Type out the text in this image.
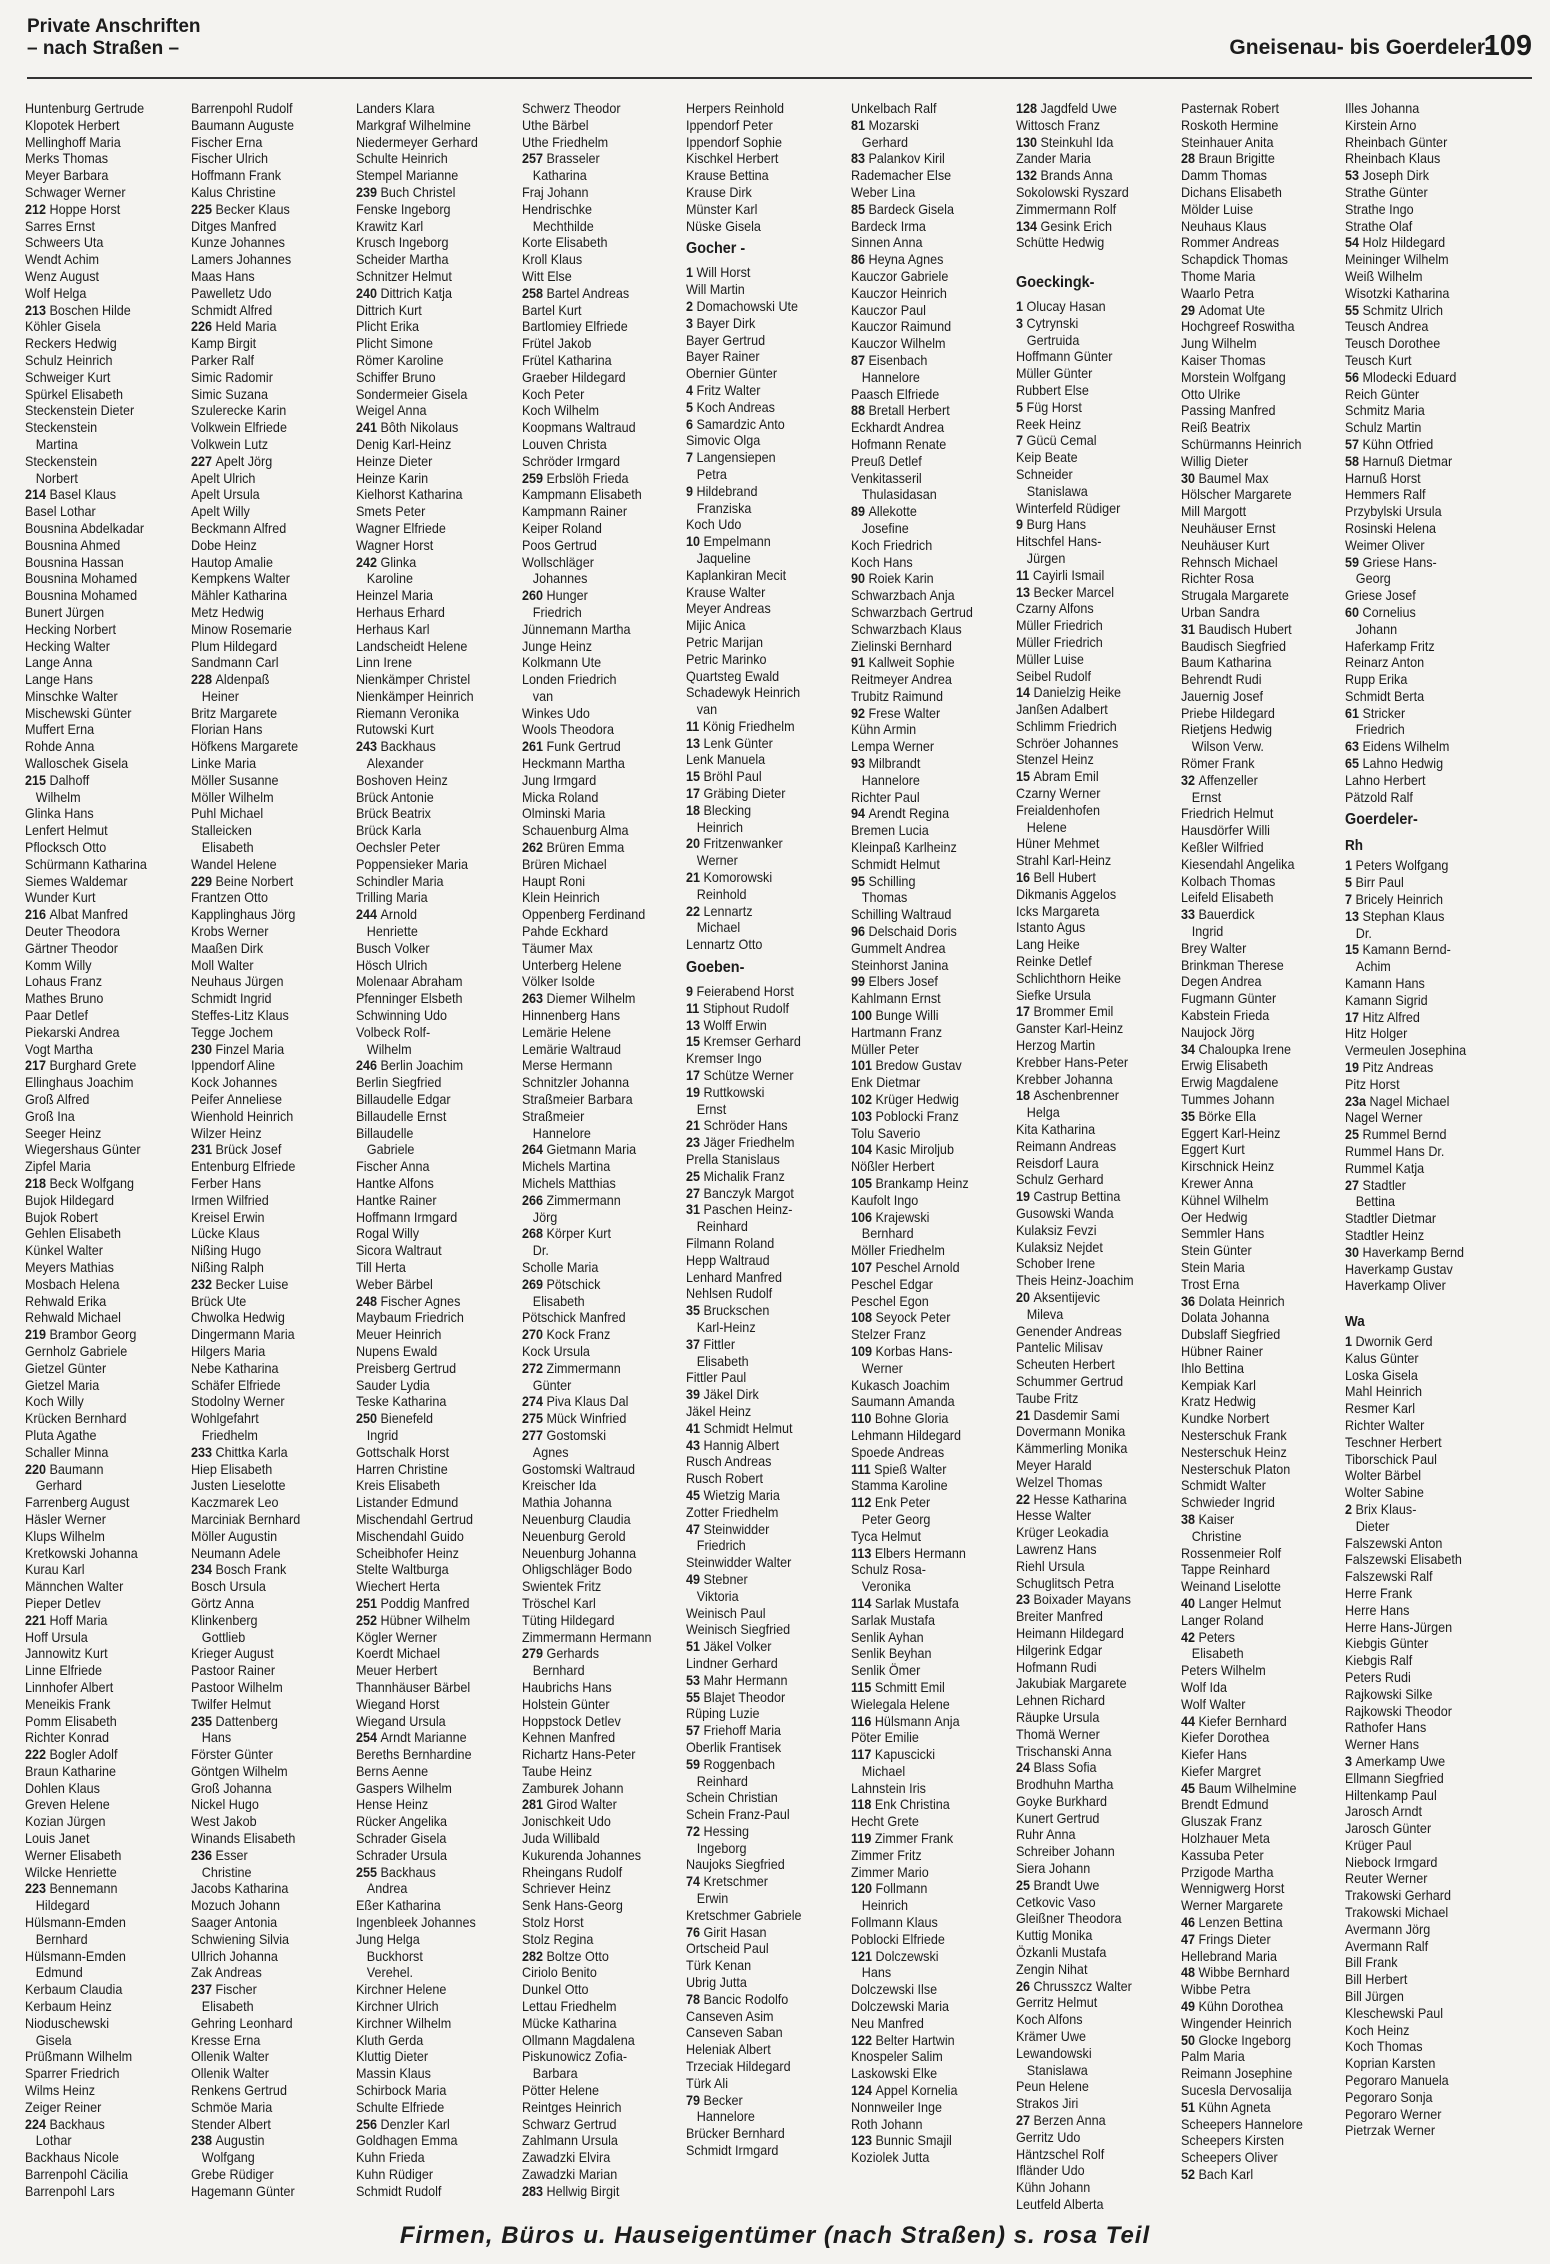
Private Anschriften
– nach Straßen –	Gneisenau- bis Goerdeler-
109
Huntenburg Gertrude
Klopotek Herbert
Mellinghoff Maria
Merks Thomas
Meyer Barbara
Schwager Werner
212 Hoppe Horst
Sarres Ernst
Schweers Uta
Wendt Achim
Wenz August
Wolf Helga
213 Boschen Hilde
Köhler Gisela
Reckers Hedwig
Schulz Heinrich
Schweiger Kurt
Spürkel Elisabeth
Steckenstein Dieter
Steckenstein
Martina
Steckenstein
Norbert
214 Basel Klaus
Basel Lothar
Bousnina Abdelkadar
Bousnina Ahmed
Bousnina Hassan
Bousnina Mohamed
Bousnina Mohamed
Bunert Jürgen
Hecking Norbert
Hecking Walter
Lange Anna
Lange Hans
Minschke Walter
Mischewski Günter
Muffert Erna
Rohde Anna
Walloschek Gisela
215 Dalhoff
Wilhelm
Glinka Hans
Lenfert Helmut
Pflocksch Otto
Schürmann Katharina
Siemes Waldemar
Wunder Kurt
216 Albat Manfred
Deuter Theodora
Gärtner Theodor
Komm Willy
Lohaus Franz
Mathes Bruno
Paar Detlef
Piekarski Andrea
Vogt Martha
217 Burghard Grete
Ellinghaus Joachim
Groß Alfred
Groß Ina
Seeger Heinz
Wiegershaus Günter
Zipfel Maria
218 Beck Wolfgang
Bujok Hildegard
Bujok Robert
Gehlen Elisabeth
Künkel Walter
Meyers Mathias
Mosbach Helena
Rehwald Erika
Rehwald Michael
219 Brambor Georg
Gernholz Gabriele
Gietzel Günter
Gietzel Maria
Koch Willy
Krücken Bernhard
Pluta Agathe
Schaller Minna
220 Baumann
Gerhard
Farrenberg August
Häsler Werner
Klups Wilhelm
Kretkowski Johanna
Kurau Karl
Männchen Walter
Pieper Detlev
221 Hoff Maria
Hoff Ursula
Jannowitz Kurt
Linne Elfriede
Linnhofer Albert
Meneikis Frank
Pomm Elisabeth
Richter Konrad
222 Bogler Adolf
Braun Katharine
Dohlen Klaus
Greven Helene
Kozian Jürgen
Louis Janet
Werner Elisabeth
Wilcke Henriette
223 Bennemann
Hildegard
Hülsmann-Emden
Bernhard
Hülsmann-Emden
Edmund
Kerbaum Claudia
Kerbaum Heinz
Nioduschewski
Gisela
Prüßmann Wilhelm
Sparrer Friedrich
Wilms Heinz
Zeiger Reiner
224 Backhaus
Lothar
Backhaus Nicole
Barrenpohl Cäcilia
Barrenpohl Lars
Barrenpohl Rudolf
Baumann Auguste
Fischer Erna
Fischer Ulrich
Hoffmann Frank
Kalus Christine
225 Becker Klaus
Ditges Manfred
Kunze Johannes
Lamers Johannes
Maas Hans
Pawelletz Udo
Schmidt Alfred
226 Held Maria
Kamp Birgit
Parker Ralf
Simic Radomir
Simic Suzana
Szulerecke Karin
Volkwein Elfriede
Volkwein Lutz
227 Apelt Jörg
Apelt Ulrich
Apelt Ursula
Apelt Willy
Beckmann Alfred
Dobe Heinz
Hautop Amalie
Kempkens Walter
Mähler Katharina
Metz Hedwig
Minow Rosemarie
Plum Hildegard
Sandmann Carl
228 Aldenpaß
Heiner
Britz Margarete
Florian Hans
Höfkens Margarete
Linke Maria
Möller Susanne
Möller Wilhelm
Puhl Michael
Stalleicken
Elisabeth
Wandel Helene
229 Beine Norbert
Frantzen Otto
Kapplinghaus Jörg
Krobs Werner
Maaßen Dirk
Moll Walter
Neuhaus Jürgen
Schmidt Ingrid
Steffes-Litz Klaus
Tegge Jochem
230 Finzel Maria
Ippendorf Aline
Kock Johannes
Peifer Anneliese
Wienhold Heinrich
Wilzer Heinz
231 Brück Josef
Entenburg Elfriede
Ferber Hans
Irmen Wilfried
Kreisel Erwin
Lücke Klaus
Nißing Hugo
Nißing Ralph
232 Becker Luise
Brück Ute
Chwolka Hedwig
Dingermann Maria
Hilgers Maria
Nebe Katharina
Schäfer Elfriede
Stodolny Werner
Wohlgefahrt
Friedhelm
233 Chittka Karla
Hiep Elisabeth
Justen Lieselotte
Kaczmarek Leo
Marciniak Bernhard
Möller Augustin
Neumann Adele
234 Bosch Frank
Bosch Ursula
Görtz Anna
Klinkenberg
Gottlieb
Krieger August
Pastoor Rainer
Pastoor Wilhelm
Twilfer Helmut
235 Dattenberg
Hans
Förster Günter
Göntgen Wilhelm
Groß Johanna
Nickel Hugo
West Jakob
Winands Elisabeth
236 Esser
Christine
Jacobs Katharina
Mozuch Johann
Saager Antonia
Schwiening Silvia
Ullrich Johanna
Zak Andreas
237 Fischer
Elisabeth
Gehring Leonhard
Kresse Erna
Ollenik Walter
Ollenik Walter
Renkens Gertrud
Schmöe Maria
Stender Albert
238 Augustin
Wolfgang
Grebe Rüdiger
Hagemann Günter
Landers Klara
Markgraf Wilhelmine
Niedermeyer Gerhard
Schulte Heinrich
Stempel Marianne
239 Buch Christel
Fenske Ingeborg
Krawitz Karl
Krusch Ingeborg
Scheider Martha
Schnitzer Helmut
240 Dittrich Katja
Dittrich Kurt
Plicht Erika
Plicht Simone
Römer Karoline
Schiffer Bruno
Sondermeier Gisela
Weigel Anna
241 Bôth Nikolaus
Denig Karl-Heinz
Heinze Dieter
Heinze Karin
Kielhorst Katharina
Smets Peter
Wagner Elfriede
Wagner Horst
242 Glinka
Karoline
Heinzel Maria
Herhaus Erhard
Herhaus Karl
Landscheidt Helene
Linn Irene
Nienkämper Christel
Nienkämper Heinrich
Riemann Veronika
Rutowski Kurt
243 Backhaus
Alexander
Boshoven Heinz
Brück Antonie
Brück Beatrix
Brück Karla
Oechsler Peter
Poppensieker Maria
Schindler Maria
Trilling Maria
244 Arnold
Henriette
Busch Volker
Hösch Ulrich
Molenaar Abraham
Pfenninger Elsbeth
Schwinning Udo
Volbeck Rolf-
Wilhelm
246 Berlin Joachim
Berlin Siegfried
Billaudelle Edgar
Billaudelle Ernst
Billaudelle
Gabriele
Fischer Anna
Hantke Alfons
Hantke Rainer
Hoffmann Irmgard
Rogal Willy
Sicora Waltraut
Till Herta
Weber Bärbel
248 Fischer Agnes
Maybaum Friedrich
Meuer Heinrich
Nupens Ewald
Preisberg Gertrud
Sauder Lydia
Teske Katharina
250 Bienefeld
Ingrid
Gottschalk Horst
Harren Christine
Kreis Elisabeth
Listander Edmund
Mischendahl Gertrud
Mischendahl Guido
Scheibhofer Heinz
Stelte Waltburga
Wiechert Herta
251 Poddig Manfred
252 Hübner Wilhelm
Kögler Werner
Koerdt Michael
Meuer Herbert
Thannhäuser Bärbel
Wiegand Horst
Wiegand Ursula
254 Arndt Marianne
Bereths Bernhardine
Berns Aenne
Gaspers Wilhelm
Hense Heinz
Rücker Angelika
Schrader Gisela
Schrader Ursula
255 Backhaus
Andrea
Eßer Katharina
Ingenbleek Johannes
Jung Helga
Buckhorst
Verehel.
Kirchner Helene
Kirchner Ulrich
Kirchner Wilhelm
Kluth Gerda
Kluttig Dieter
Massin Klaus
Schirbock Maria
Schulte Elfriede
256 Denzler Karl
Goldhagen Emma
Kuhn Frieda
Kuhn Rüdiger
Schmidt Rudolf
Schwerz Theodor
Uthe Bärbel
Uthe Friedhelm
257 Brasseler
Katharina
Fraj Johann
Hendrischke
Mechthilde
Korte Elisabeth
Kroll Klaus
Witt Else
258 Bartel Andreas
Bartel Kurt
Bartlomiey Elfriede
Frütel Jakob
Frütel Katharina
Graeber Hildegard
Koch Peter
Koch Wilhelm
Koopmans Waltraud
Louven Christa
Schröder Irmgard
259 Erbslöh Frieda
Kampmann Elisabeth
Kampmann Rainer
Keiper Roland
Poos Gertrud
Wollschläger
Johannes
260 Hunger
Friedrich
Jünnemann Martha
Junge Heinz
Kolkmann Ute
Londen Friedrich
van
Winkes Udo
Wools Theodora
261 Funk Gertrud
Heckmann Martha
Jung Irmgard
Micka Roland
Olminski Maria
Schauenburg Alma
262 Brüren Emma
Brüren Michael
Haupt Roni
Klein Heinrich
Oppenberg Ferdinand
Pahde Eckhard
Täumer Max
Unterberg Helene
Völker Isolde
263 Diemer Wilhelm
Hinnenberg Hans
Lemärie Helene
Lemärie Waltraud
Merse Hermann
Schnitzler Johanna
Straßmeier Barbara
Straßmeier
Hannelore
264 Gietmann Maria
Michels Martina
Michels Matthias
266 Zimmermann
Jörg
268 Körper Kurt
Dr.
Scholle Maria
269 Pötschick
Elisabeth
Pötschick Manfred
270 Kock Franz
Kock Ursula
272 Zimmermann
Günter
274 Piva Klaus Dal
275 Mück Winfried
277 Gostomski
Agnes
Gostomski Waltraud
Kreischer Ida
Mathia Johanna
Neuenburg Claudia
Neuenburg Gerold
Neuenburg Johanna
Ohligschläger Bodo
Swientek Fritz
Tröschel Karl
Tüting Hildegard
Zimmermann Hermann
279 Gerhards
Bernhard
Haubrichs Hans
Holstein Günter
Hoppstock Detlev
Kehnen Manfred
Richartz Hans-Peter
Taube Heinz
Zamburek Johann
281 Girod Walter
Jonischkeit Udo
Juda Willibald
Kukurenda Johannes
Rheingans Rudolf
Schriever Heinz
Senk Hans-Georg
Stolz Horst
Stolz Regina
282 Boltze Otto
Ciriolo Benito
Dunkel Otto
Lettau Friedhelm
Mücke Katharina
Ollmann Magdalena
Piskunowicz Zofia-
Barbara
Pötter Helene
Reintges Heinrich
Schwarz Gertrud
Zahlmann Ursula
Zawadzki Elvira
Zawadzki Marian
283 Hellwig Birgit
Herpers Reinhold
Ippendorf Peter
Ippendorf Sophie
Kischkel Herbert
Krause Bettina
Krause Dirk
Münster Karl
Nüske Gisela
Gocher -
1 Will Horst
Will Martin
2 Domachowski Ute
3 Bayer Dirk
Bayer Gertrud
Bayer Rainer
Obernier Günter
4 Fritz Walter
5 Koch Andreas
6 Samardzic Anto
Simovic Olga
7 Langensiepen
Petra
9 Hildebrand
Franziska
Koch Udo
10 Empelmann
Jaqueline
Kaplankiran Mecit
Krause Walter
Meyer Andreas
Mijic Anica
Petric Marijan
Petric Marinko
Quartsteg Ewald
Schadewyk Heinrich
van
11 König Friedhelm
13 Lenk Günter
Lenk Manuela
15 Bröhl Paul
17 Gräbing Dieter
18 Blecking
Heinrich
20 Fritzenwanker
Werner
21 Komorowski
Reinhold
22 Lennartz
Michael
Lennartz Otto
Goeben-
9 Feierabend Horst
11 Stiphout Rudolf
13 Wolff Erwin
15 Kremser Gerhard
Kremser Ingo
17 Schütze Werner
19 Ruttkowski
Ernst
21 Schröder Hans
23 Jäger Friedhelm
Prella Stanislaus
25 Michalik Franz
27 Banczyk Margot
31 Paschen Heinz-
Reinhard
Filmann Roland
Hepp Waltraud
Lenhard Manfred
Nehlsen Rudolf
35 Bruckschen
Karl-Heinz
37 Fittler
Elisabeth
Fittler Paul
39 Jäkel Dirk
Jäkel Heinz
41 Schmidt Helmut
43 Hannig Albert
Rusch Andreas
Rusch Robert
45 Wietzig Maria
Zotter Friedhelm
47 Steinwidder
Friedrich
Steinwidder Walter
49 Stebner
Viktoria
Weinisch Paul
Weinisch Siegfried
51 Jäkel Volker
Lindner Gerhard
53 Mahr Hermann
55 Blajet Theodor
Rüping Luzie
57 Friehoff Maria
Oberlik Frantisek
59 Roggenbach
Reinhard
Schein Christian
Schein Franz-Paul
72 Hessing
Ingeborg
Naujoks Siegfried
74 Kretschmer
Erwin
Kretschmer Gabriele
76 Girit Hasan
Ortscheid Paul
Türk Kenan
Ubrig Jutta
78 Bancic Rodolfo
Canseven Asim
Canseven Saban
Heleniak Albert
Trzeciak Hildegard
Türk Ali
79 Becker
Hannelore
Brücker Bernhard
Schmidt Irmgard
Unkelbach Ralf
81 Mozarski
Gerhard
83 Palankov Kiril
Rademacher Else
Weber Lina
85 Bardeck Gisela
Bardeck Irma
Sinnen Anna
86 Heyna Agnes
Kauczor Gabriele
Kauczor Heinrich
Kauczor Paul
Kauczor Raimund
Kauczor Wilhelm
87 Eisenbach
Hannelore
Paasch Elfriede
88 Bretall Herbert
Eckhardt Andrea
Hofmann Renate
Preuß Detlef
Venkitasseril
Thulasidasan
89 Allekotte
Josefine
Koch Friedrich
Koch Hans
90 Roiek Karin
Schwarzbach Anja
Schwarzbach Gertrud
Schwarzbach Klaus
Zielinski Bernhard
91 Kallweit Sophie
Reitmeyer Andrea
Trubitz Raimund
92 Frese Walter
Kühn Armin
Lempa Werner
93 Milbrandt
Hannelore
Richter Paul
94 Arendt Regina
Bremen Lucia
Kleinpaß Karlheinz
Schmidt Helmut
95 Schilling
Thomas
Schilling Waltraud
96 Delschaid Doris
Gummelt Andrea
Steinhorst Janina
99 Elbers Josef
Kahlmann Ernst
100 Bunge Willi
Hartmann Franz
Müller Peter
101 Bredow Gustav
Enk Dietmar
102 Krüger Hedwig
103 Poblocki Franz
Tolu Saverio
104 Kasic Miroljub
Nößler Herbert
105 Brankamp Heinz
Kaufolt Ingo
106 Krajewski
Bernhard
Möller Friedhelm
107 Peschel Arnold
Peschel Edgar
Peschel Egon
108 Seyock Peter
Stelzer Franz
109 Korbas Hans-
Werner
Kukasch Joachim
Saumann Amanda
110 Bohne Gloria
Lehmann Hildegard
Spoede Andreas
111 Spieß Walter
Stamma Karoline
112 Enk Peter
Peter Georg
Tyca Helmut
113 Elbers Hermann
Schulz Rosa-
Veronika
114 Sarlak Mustafa
Sarlak Mustafa
Senlik Ayhan
Senlik Beyhan
Senlik Ömer
115 Schmitt Emil
Wielegala Helene
116 Hülsmann Anja
Pöter Emilie
117 Kapuscicki
Michael
Lahnstein Iris
118 Enk Christina
Hecht Grete
119 Zimmer Frank
Zimmer Fritz
Zimmer Mario
120 Follmann
Heinrich
Follmann Klaus
Poblocki Elfriede
121 Dolczewski
Hans
Dolczewski Ilse
Dolczewski Maria
Neu Manfred
122 Belter Hartwin
Knospeler Salim
Laskowski Elke
124 Appel Kornelia
Nonnweiler Inge
Roth Johann
123 Bunnic Smajil
Koziolek Jutta
128 Jagdfeld Uwe
Wittosch Franz
130 Steinkuhl Ida
Zander Maria
132 Brands Anna
Sokolowski Ryszard
Zimmermann Rolf
134 Gesink Erich
Schütte Hedwig
Goeckingk-
1 Olucay Hasan
3 Cytrynski
Gertruida
Hoffmann Günter
Müller Günter
Rubbert Else
5 Füg Horst
Reek Heinz
7 Gücü Cemal
Keip Beate
Schneider
Stanislawa
Winterfeld Rüdiger
9 Burg Hans
Hitschfel Hans-
Jürgen
11 Cayirli Ismail
13 Becker Marcel
Czarny Alfons
Müller Friedrich
Müller Friedrich
Müller Luise
Seibel Rudolf
14 Danielzig Heike
Janßen Adalbert
Schlimm Friedrich
Schröer Johannes
Stenzel Heinz
15 Abram Emil
Czarny Werner
Freialdenhofen
Helene
Hüner Mehmet
Strahl Karl-Heinz
16 Bell Hubert
Dikmanis Aggelos
Icks Margareta
Istanto Agus
Lang Heike
Reinke Detlef
Schlichthorn Heike
Siefke Ursula
17 Brommer Emil
Ganster Karl-Heinz
Herzog Martin
Krebber Hans-Peter
Krebber Johanna
18 Aschenbrenner
Helga
Kita Katharina
Reimann Andreas
Reisdorf Laura
Schulz Gerhard
19 Castrup Bettina
Gusowski Wanda
Kulaksiz Fevzi
Kulaksiz Nejdet
Schober Irene
Theis Heinz-Joachim
20 Aksentijevic
Mileva
Genender Andreas
Pantelic Milisav
Scheuten Herbert
Schummer Gertrud
Taube Fritz
21 Dasdemir Sami
Dovermann Monika
Kämmerling Monika
Meyer Harald
Welzel Thomas
22 Hesse Katharina
Hesse Walter
Krüger Leokadia
Lawrenz Hans
Riehl Ursula
Schuglitsch Petra
23 Boixader Mayans
Breiter Manfred
Heimann Hildegard
Hilgerink Edgar
Hofmann Rudi
Jakubiak Margarete
Lehnen Richard
Räupke Ursula
Thomä Werner
Trischanski Anna
24 Blass Sofia
Brodhuhn Martha
Goyke Burkhard
Kunert Gertrud
Ruhr Anna
Schreiber Johann
Siera Johann
25 Brandt Uwe
Cetkovic Vaso
Gleißner Theodora
Kuttig Monika
Özkanli Mustafa
Zengin Nihat
26 Chrusszcz Walter
Gerritz Helmut
Koch Alfons
Krämer Uwe
Lewandowski
Stanislawa
Peun Helene
Strakos Jiri
27 Berzen Anna
Gerritz Udo
Häntzschel Rolf
Ifländer Udo
Kühn Johann
Leutfeld Alberta
Pasternak Robert
Roskoth Hermine
Steinhauer Anita
28 Braun Brigitte
Damm Thomas
Dichans Elisabeth
Mölder Luise
Neuhaus Klaus
Rommer Andreas
Schapdick Thomas
Thome Maria
Waarlo Petra
29 Adomat Ute
Hochgreef Roswitha
Jung Wilhelm
Kaiser Thomas
Morstein Wolfgang
Otto Ulrike
Passing Manfred
Reiß Beatrix
Schürmanns Heinrich
Willig Dieter
30 Baumel Max
Hölscher Margarete
Mill Margott
Neuhäuser Ernst
Neuhäuser Kurt
Rehnsch Michael
Richter Rosa
Strugala Margarete
Urban Sandra
31 Baudisch Hubert
Baudisch Siegfried
Baum Katharina
Behrendt Rudi
Jauernig Josef
Priebe Hildegard
Rietjens Hedwig
Wilson Verw.
Römer Frank
32 Affenzeller
Ernst
Friedrich Helmut
Hausdörfer Willi
Keßler Wilfried
Kiesendahl Angelika
Kolbach Thomas
Leifeld Elisabeth
33 Bauerdick
Ingrid
Brey Walter
Brinkman Therese
Degen Andrea
Fugmann Günter
Kabstein Frieda
Naujock Jörg
34 Chaloupka Irene
Erwig Elisabeth
Erwig Magdalene
Tummes Johann
35 Börke Ella
Eggert Karl-Heinz
Eggert Kurt
Kirschnick Heinz
Krewer Anna
Kühnel Wilhelm
Oer Hedwig
Semmler Hans
Stein Günter
Stein Maria
Trost Erna
36 Dolata Heinrich
Dolata Johanna
Dubslaff Siegfried
Hübner Rainer
Ihlo Bettina
Kempiak Karl
Kratz Hedwig
Kundke Norbert
Nesterschuk Frank
Nesterschuk Heinz
Nesterschuk Platon
Schmidt Walter
Schwieder Ingrid
38 Kaiser
Christine
Rossenmeier Rolf
Tappe Reinhard
Weinand Liselotte
40 Langer Helmut
Langer Roland
42 Peters
Elisabeth
Peters Wilhelm
Wolf Ida
Wolf Walter
44 Kiefer Bernhard
Kiefer Dorothea
Kiefer Hans
Kiefer Margret
45 Baum Wilhelmine
Brendt Edmund
Gluszak Franz
Holzhauer Meta
Kassuba Peter
Przigode Martha
Wennigwerg Horst
Werner Margarete
46 Lenzen Bettina
47 Frings Dieter
Hellebrand Maria
48 Wibbe Bernhard
Wibbe Petra
49 Kühn Dorothea
Wingender Heinrich
50 Glocke Ingeborg
Palm Maria
Reimann Josephine
Sucesla Dervosalija
51 Kühn Agneta
Scheepers Hannelore
Scheepers Kirsten
Scheepers Oliver
52 Bach Karl
Illes Johanna
Kirstein Arno
Rheinbach Günter
Rheinbach Klaus
53 Joseph Dirk
Strathe Günter
Strathe Ingo
Strathe Olaf
54 Holz Hildegard
Meininger Wilhelm
Weiß Wilhelm
Wisotzki Katharina
55 Schmitz Ulrich
Teusch Andrea
Teusch Dorothee
Teusch Kurt
56 Mlodecki Eduard
Reich Günter
Schmitz Maria
Schulz Martin
57 Kühn Otfried
58 Harnuß Dietmar
Harnuß Horst
Hemmers Ralf
Przybylski Ursula
Rosinski Helena
Weimer Oliver
59 Griese Hans-
Georg
Griese Josef
60 Cornelius
Johann
Haferkamp Fritz
Reinarz Anton
Rupp Erika
Schmidt Berta
61 Stricker
Friedrich
63 Eidens Wilhelm
65 Lahno Hedwig
Lahno Herbert
Pätzold Ralf
Goerdeler-
Rh
1 Peters Wolfgang
5 Birr Paul
7 Bricely Heinrich
13 Stephan Klaus
Dr.
15 Kamann Bernd-
Achim
Kamann Hans
Kamann Sigrid
17 Hitz Alfred
Hitz Holger
Vermeulen Josephina
19 Pitz Andreas
Pitz Horst
23a Nagel Michael
Nagel Werner
25 Rummel Bernd
Rummel Hans Dr.
Rummel Katja
27 Stadtler
Bettina
Stadtler Dietmar
Stadtler Heinz
30 Haverkamp Bernd
Haverkamp Gustav
Haverkamp Oliver
Wa
1 Dwornik Gerd
Kalus Günter
Loska Gisela
Mahl Heinrich
Resmer Karl
Richter Walter
Teschner Herbert
Tiborschick Paul
Wolter Bärbel
Wolter Sabine
2 Brix Klaus-
Dieter
Falszewski Anton
Falszewski Elisabeth
Falszewski Ralf
Herre Frank
Herre Hans
Herre Hans-Jürgen
Kiebgis Günter
Kiebgis Ralf
Peters Rudi
Rajkowski Silke
Rajkowski Theodor
Rathofer Hans
Werner Hans
3 Amerkamp Uwe
Ellmann Siegfried
Hiltenkamp Paul
Jarosch Arndt
Jarosch Günter
Krüger Paul
Niebock Irmgard
Reuter Werner
Trakowski Gerhard
Trakowski Michael
Avermann Jörg
Avermann Ralf
Bill Frank
Bill Herbert
Bill Jürgen
Kleschewski Paul
Koch Heinz
Koch Thomas
Koprian Karsten
Pegoraro Manuela
Pegoraro Sonja
Pegoraro Werner
Pietrzak Werner
Firmen, Büros u. Hauseigentümer (nach Straßen) s. rosa Teil
